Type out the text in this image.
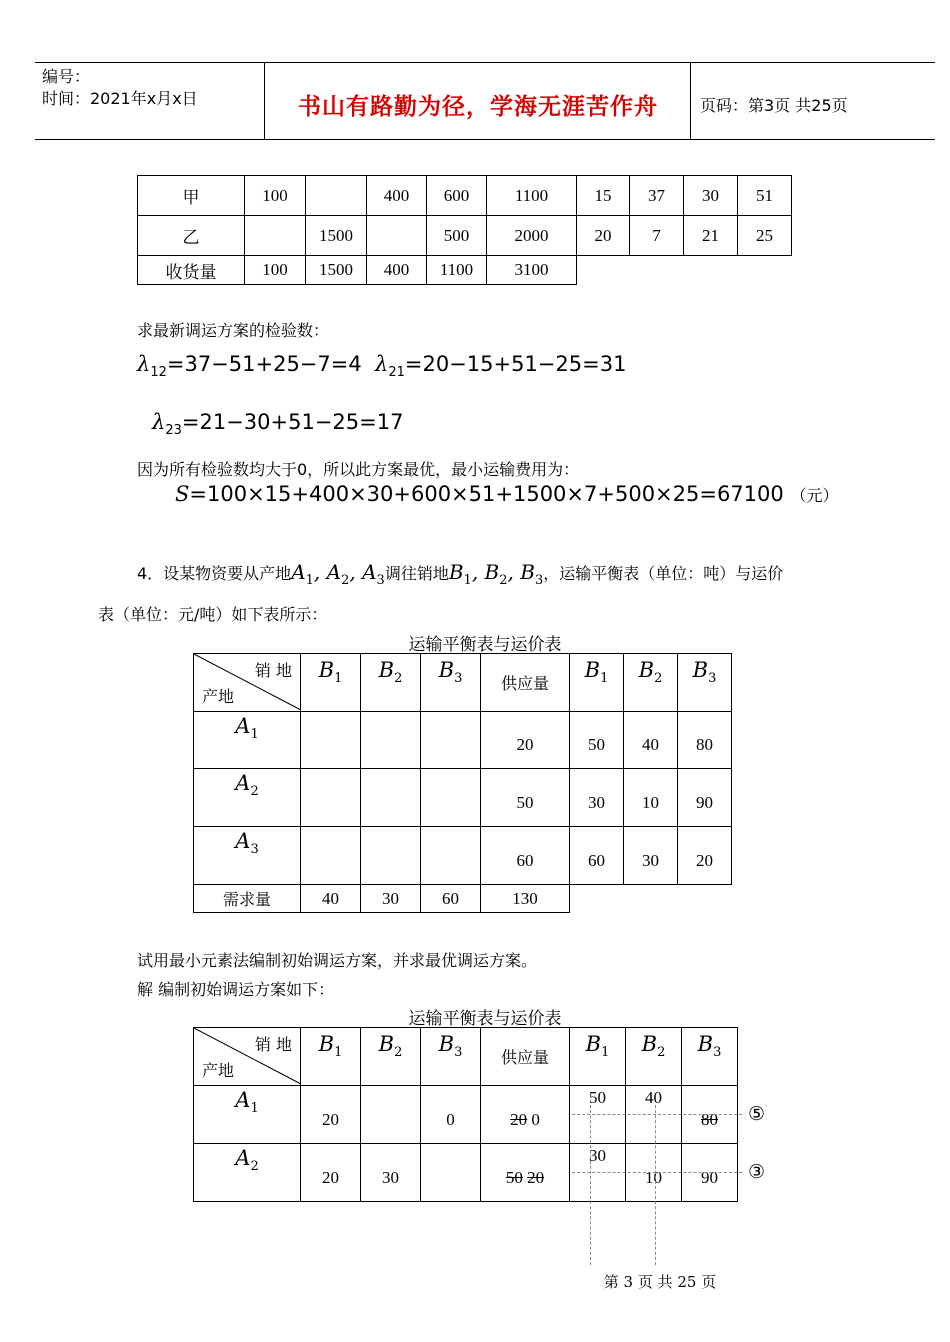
编号：
时间：2021年x月x日	书山有路勤为径，学海无涯苦作舟	页码：第3页 共25页
甲	100		400	600	1100	15	37	30	51
乙		1500		500	2000	20	7	21	25
收货量	100	1500	400	1100	3100				
求最新调运方案的检验数：
$\lambda_{12}=37-51+25-7=4$ $\lambda_{21}=20-15+51-25=31$
$\lambda_{23}=21-30+51-25=17$
因为所有检验数均大于0，所以此方案最优，最小运输费用为：
S=100×15+400×30+600×51+1500×7+500×25=67100 （元）
4．设某物资要从产地$A_1$, $A_2$, $A_3$调往销地$B_1$, $B_2$, $B_3$，运输平衡表（单位：吨）与运价
表（单位：元/吨）如下表所示：
运输平衡表与运价表
销 地
产地	$B_1$	$B_2$	$B_3$	供应量	$B_1$	$B_2$	$B_3$
$A_1$				20	50	40	80
$A_2$				50	30	10	90
$A_3$				60	60	30	20
需求量	40	30	60	130			
试用最小元素法编制初始调运方案，并求最优调运方案。
解 编制初始调运方案如下：
运输平衡表与运价表
销 地
产地	$B_1$	$B_2$	$B_3$	供应量	$B_1$	$B_2$	$B_3$
$A_1$	20		0	20 0	50	40	80
$A_2$	20	30		50 20	30	10	90
⑤
③
第 3 页 共 25 页
